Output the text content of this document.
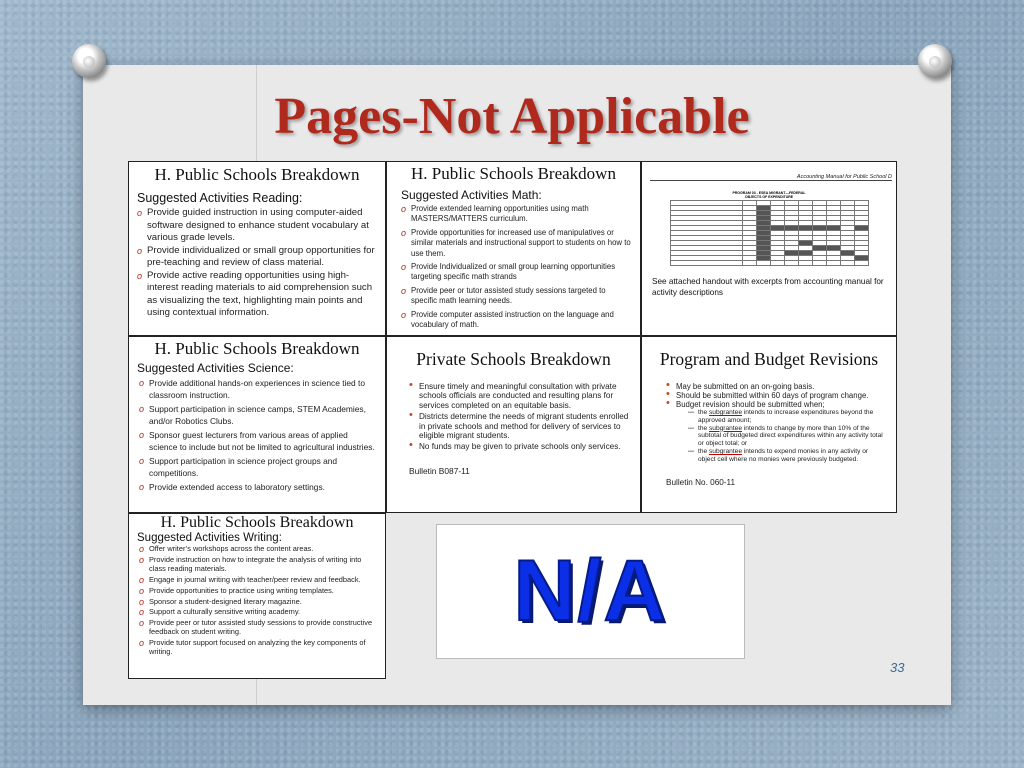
Pages-Not Applicable
H. Public Schools Breakdown
Suggested Activities Reading:
o Provide guided instruction in using computer-aided software designed to enhance student vocabulary at various grade levels.
o Provide individualized or small group opportunities for pre-teaching and review of class material.
o Provide active reading opportunities using high-interest reading materials to aid comprehension such as visualizing the text, highlighting main points and using contextual information.
H. Public Schools Breakdown
Suggested Activities Math:
o Provide extended learning opportunities using math MASTERS/MATTERS curriculum.
o Provide opportunities for increased use of manipulatives or similar materials and instructional support to students on how to use them.
o Provide Individualized or small group learning opportunities targeting specific math strands
o Provide peer or tutor assisted study sessions targeted to specific math learning needs.
o Provide computer assisted instruction on the language and vocabulary of math.
Accounting Manual for Public School D
PROGRAM 03 - ESEA MIGRANT—FEDERAL
OBJECTS OF EXPENDITURE

See attached handout with excerpts from accounting manual for activity descriptions
H. Public Schools Breakdown
Suggested Activities Science:
o Provide additional hands-on experiences in science tied to classroom instruction.
o Support participation in science camps, STEM Academies, and/or Robotics Clubs.
o Sponsor guest lecturers from various areas of applied science to include but not be limited to agricultural industries.
o Support participation in science project groups and competitions.
o Provide extended access to laboratory settings.
Private Schools Breakdown
• Ensure timely and meaningful consultation with private schools officials are conducted and resulting plans for services completed on an equitable basis.
• Districts determine the needs of migrant students enrolled in private schools and method for delivery of services to eligible migrant students.
• No funds may be given to private schools only services.
Bulletin B087-11
Program and Budget Revisions
• May be submitted on an on-going basis.
• Should be submitted within 60 days of program change.
• Budget revision should be submitted when;
– the subgrantee intends to increase expenditures beyond the approved amount;
– the subgrantee intends to change by more than 10% of the subtotal of budgeted direct expenditures within any activity total or object total; or
– the subgrantee intends to expend monies in any activity or object cell where no monies were previously budgeted.
Bulletin No. 060-11
H. Public Schools Breakdown
Suggested Activities Writing:
o Offer writer’s workshops across the content areas.
o Provide instruction on how to integrate the analysis of writing into class reading materials.
o Engage in journal writing with teacher/peer review and feedback.
o Provide opportunities to practice using writing templates.
o Sponsor a student-designed literary magazine.
o Support a culturally sensitive writing academy.
o Provide peer or tutor assisted study sessions to provide constructive feedback on student writing.
o Provide tutor support focused on analyzing the key components of writing.
N/A
33
